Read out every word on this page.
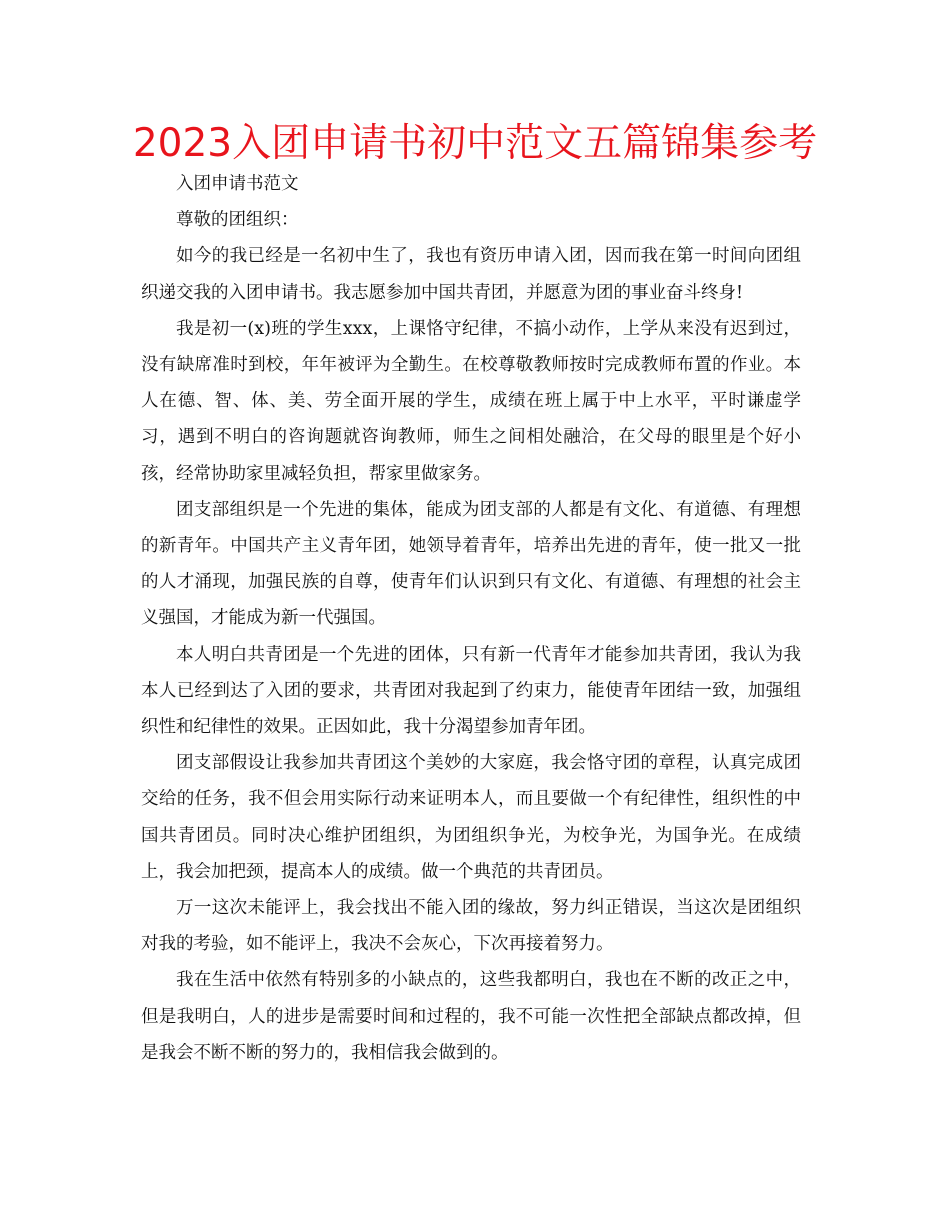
2023入团申请书初中范文五篇锦集参考

入团申请书范文

尊敬的团组织：

如今的我已经是一名初中生了，我也有资历申请入团，因而我在第一时间向团组织递交我的入团申请书。我志愿参加中国共青团，并愿意为团的事业奋斗终身!

我是初一(x)班的学生xxx，上课恪守纪律，不搞小动作，上学从来没有迟到过，没有缺席准时到校，年年被评为全勤生。在校尊敬教师按时完成教师布置的作业。本人在德、智、体、美、劳全面开展的学生，成绩在班上属于中上水平，平时谦虚学习，遇到不明白的咨询题就咨询教师，师生之间相处融洽，在父母的眼里是个好小孩，经常协助家里减轻负担，帮家里做家务。

团支部组织是一个先进的集体，能成为团支部的人都是有文化、有道德、有理想的新青年。中国共产主义青年团，她领导着青年，培养出先进的青年，使一批又一批的人才涌现，加强民族的自尊，使青年们认识到只有文化、有道德、有理想的社会主义强国，才能成为新一代强国。

本人明白共青团是一个先进的团体，只有新一代青年才能参加共青团，我认为我本人已经到达了入团的要求，共青团对我起到了约束力，能使青年团结一致，加强组织性和纪律性的效果。正因如此，我十分渴望参加青年团。

团支部假设让我参加共青团这个美妙的大家庭，我会恪守团的章程，认真完成团交给的任务，我不但会用实际行动来证明本人，而且要做一个有纪律性，组织性的中国共青团员。同时决心维护团组织，为团组织争光，为校争光，为国争光。在成绩上，我会加把颈，提高本人的成绩。做一个典范的共青团员。

万一这次未能评上，我会找出不能入团的缘故，努力纠正错误，当这次是团组织对我的考验，如不能评上，我决不会灰心，下次再接着努力。

我在生活中依然有特别多的小缺点的，这些我都明白，我也在不断的改正之中，但是我明白，人的进步是需要时间和过程的，我不可能一次性把全部缺点都改掉，但是我会不断不断的努力的，我相信我会做到的。
